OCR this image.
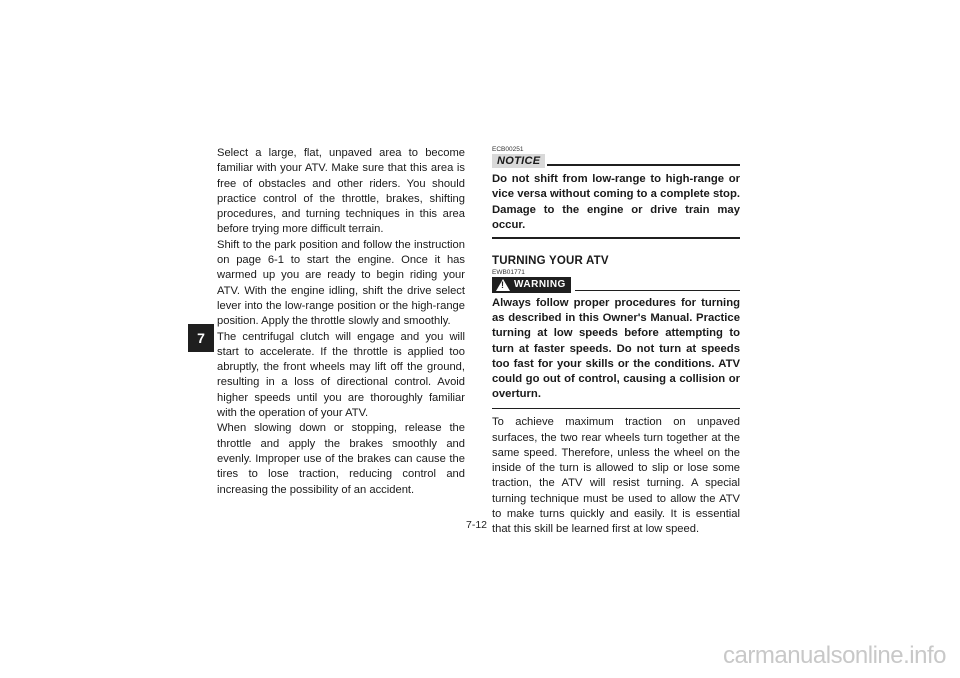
7

Select a large, flat, unpaved area to become familiar with your ATV. Make sure that this area is free of obstacles and other riders. You should practice control of the throttle, brakes, shifting procedures, and turning techniques in this area before trying more difficult terrain.

Shift to the park position and follow the instruction on page 6-1 to start the engine. Once it has warmed up you are ready to begin riding your ATV. With the engine idling, shift the drive select lever into the low-range position or the high-range position. Apply the throttle slowly and smoothly.

The centrifugal clutch will engage and you will start to accelerate. If the throttle is applied too abruptly, the front wheels may lift off the ground, resulting in a loss of directional control. Avoid higher speeds until you are thoroughly familiar with the operation of your ATV.

When slowing down or stopping, release the throttle and apply the brakes smoothly and evenly. Improper use of the brakes can cause the tires to lose traction, reducing control and increasing the possibility of an accident.

ECB00251
NOTICE

Do not shift from low-range to high-range or vice versa without coming to a complete stop. Damage to the engine or drive train may occur.

TURNING YOUR ATV
EWB01771
! WARNING

Always follow proper procedures for turning as described in this Owner's Manual. Practice turning at low speeds before attempting to turn at faster speeds. Do not turn at speeds too fast for your skills or the conditions. ATV could go out of control, causing a collision or overturn.

To achieve maximum traction on unpaved surfaces, the two rear wheels turn together at the same speed. Therefore, unless the wheel on the inside of the turn is allowed to slip or lose some traction, the ATV will resist turning. A special turning technique must be used to allow the ATV to make turns quickly and easily. It is essential that this skill be learned first at low speed.

7-12
carmanualsonline.info
